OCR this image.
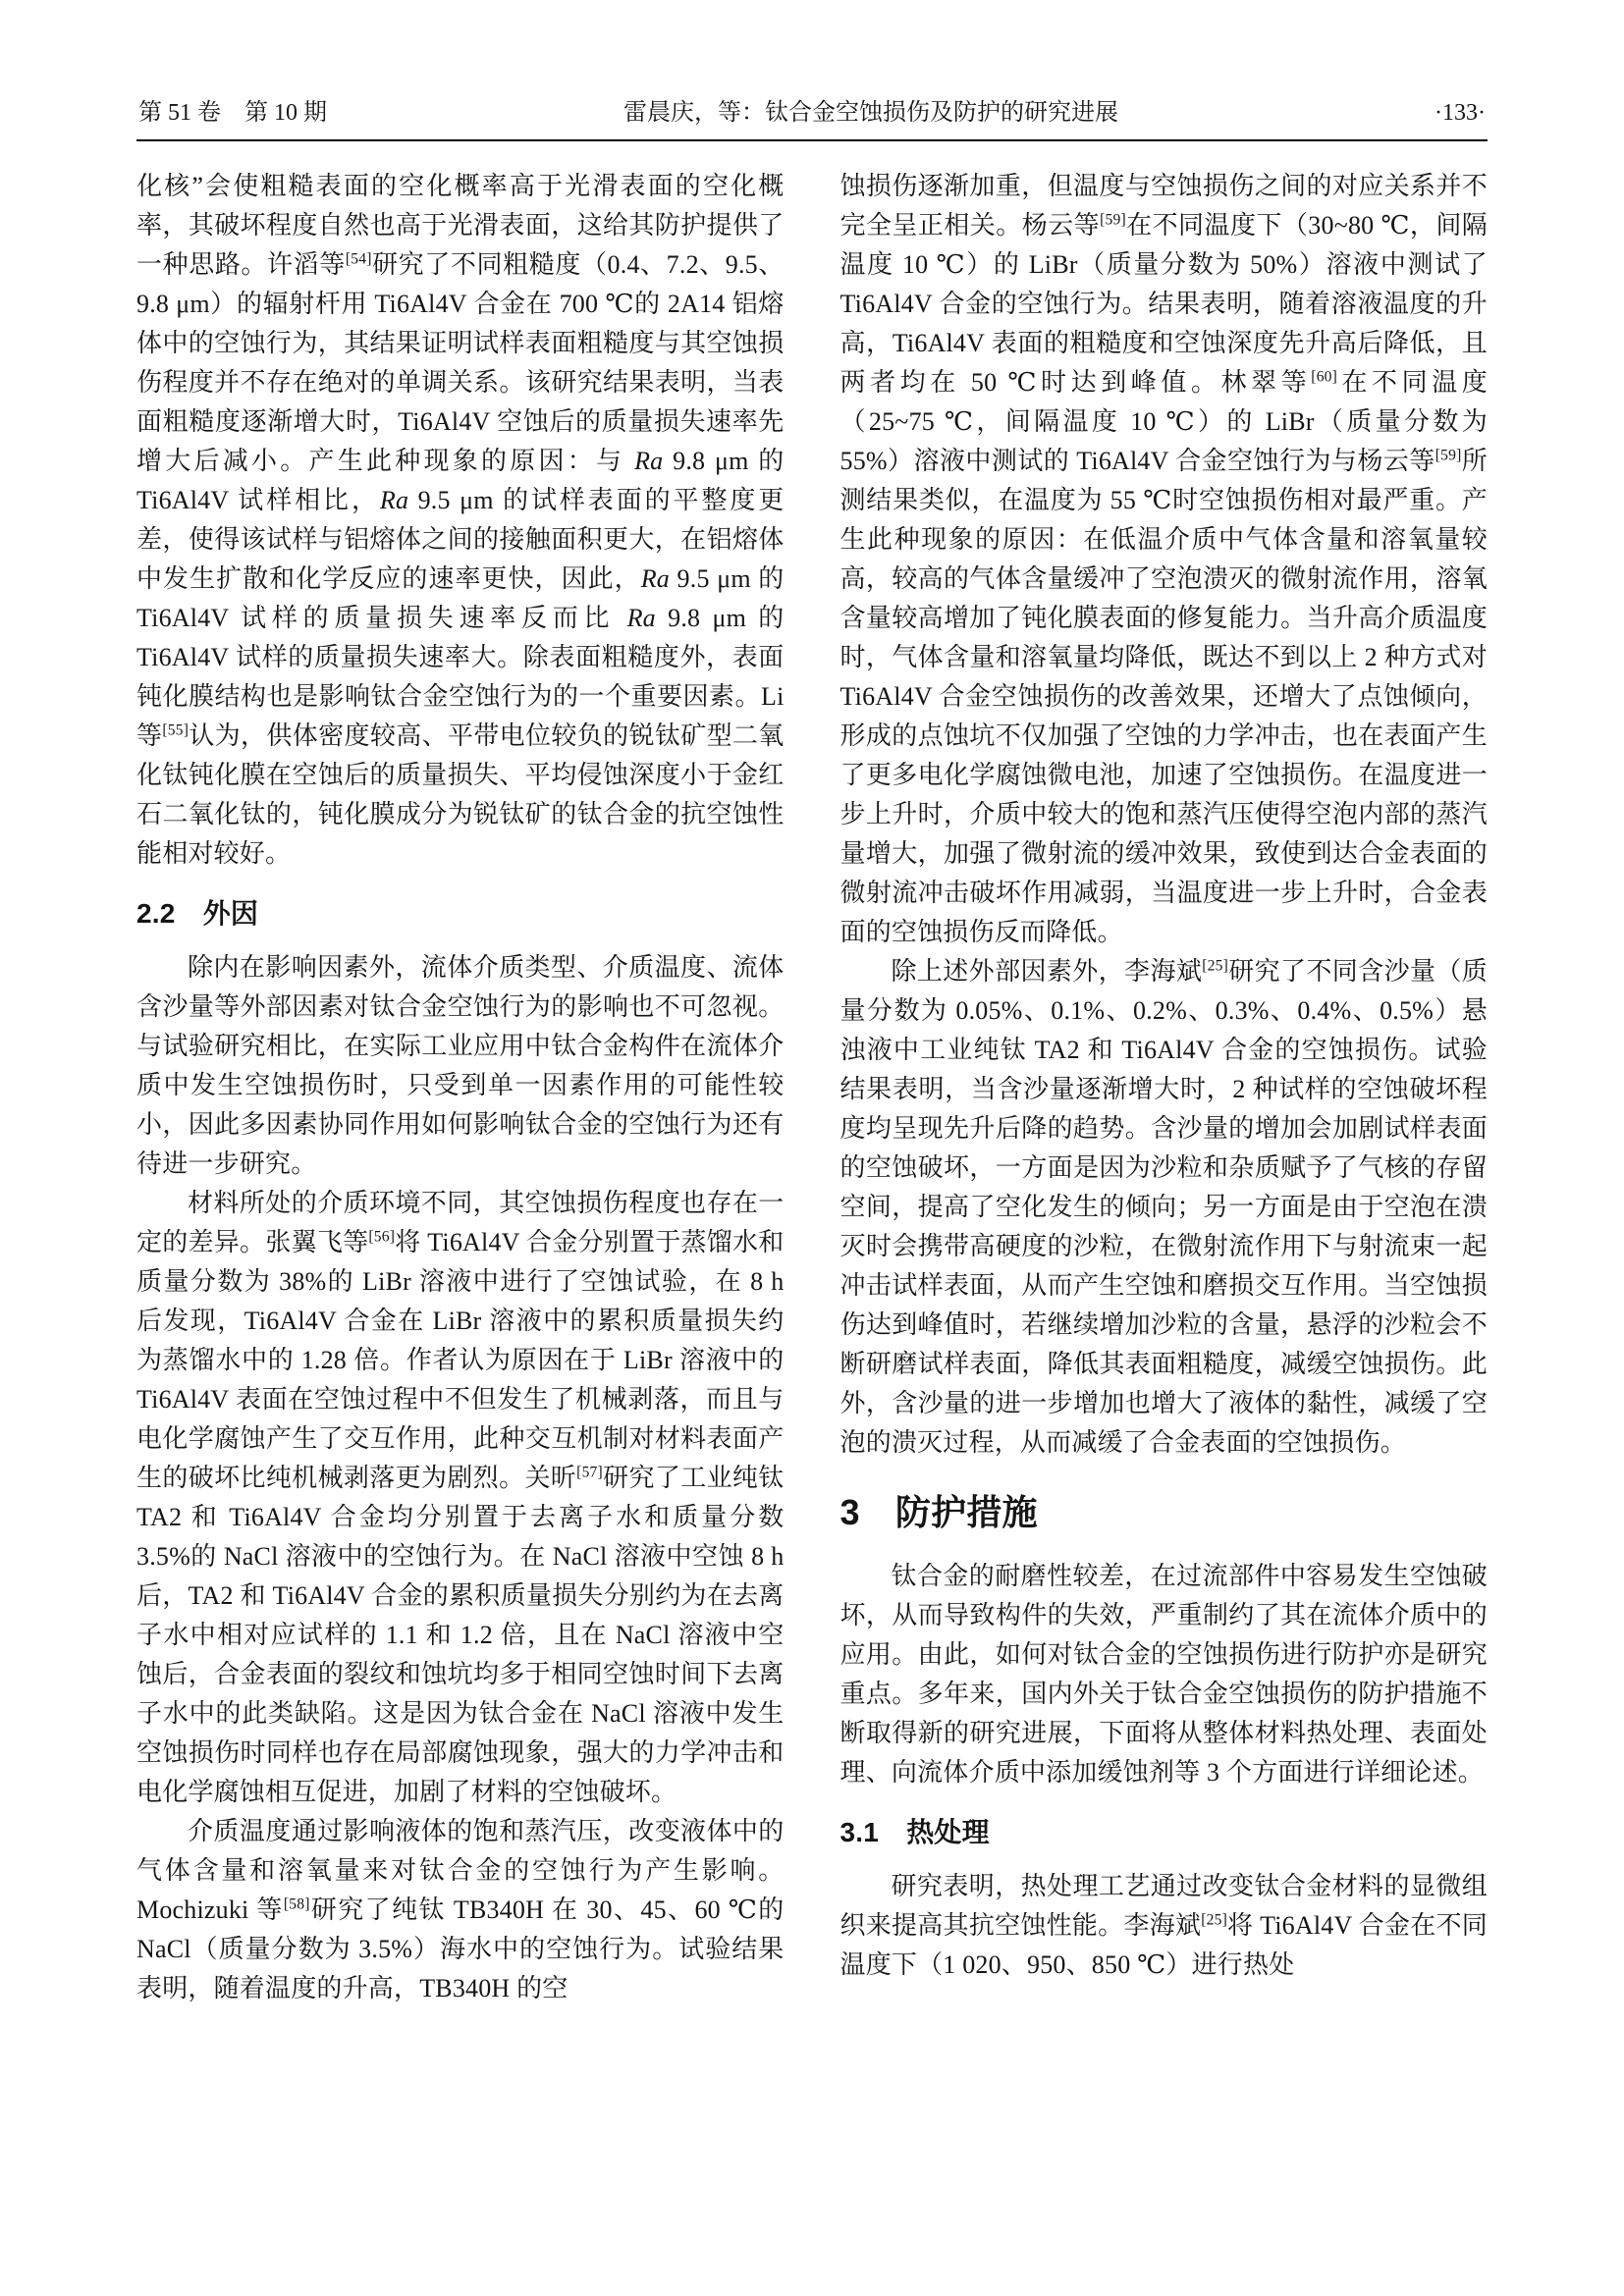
第 51 卷　第 10 期	雷晨庆，等：钛合金空蚀损伤及防护的研究进展	·133·

化核”会使粗糙表面的空化概率高于光滑表面的空化概率，其破坏程度自然也高于光滑表面，这给其防护提供了一种思路。许滔等[54]研究了不同粗糙度（0.4、7.2、9.5、9.8 μm）的辐射杆用 Ti6Al4V 合金在 700 ℃的 2A14 铝熔体中的空蚀行为，其结果证明试样表面粗糙度与其空蚀损伤程度并不存在绝对的单调关系。该研究结果表明，当表面粗糙度逐渐增大时，Ti6Al4V 空蚀后的质量损失速率先增大后减小。产生此种现象的原因：与 Ra 9.8 μm 的 Ti6Al4V 试样相比，Ra 9.5 μm 的试样表面的平整度更差，使得该试样与铝熔体之间的接触面积更大，在铝熔体中发生扩散和化学反应的速率更快，因此，Ra 9.5 μm 的 Ti6Al4V 试样的质量损失速率反而比 Ra 9.8 μm 的 Ti6Al4V 试样的质量损失速率大。除表面粗糙度外，表面钝化膜结构也是影响钛合金空蚀行为的一个重要因素。Li 等[55]认为，供体密度较高、平带电位较负的锐钛矿型二氧化钛钝化膜在空蚀后的质量损失、平均侵蚀深度小于金红石二氧化钛的，钝化膜成分为锐钛矿的钛合金的抗空蚀性能相对较好。

2.2　外因

除内在影响因素外，流体介质类型、介质温度、流体含沙量等外部因素对钛合金空蚀行为的影响也不可忽视。与试验研究相比，在实际工业应用中钛合金构件在流体介质中发生空蚀损伤时，只受到单一因素作用的可能性较小，因此多因素协同作用如何影响钛合金的空蚀行为还有待进一步研究。

材料所处的介质环境不同，其空蚀损伤程度也存在一定的差异。张翼飞等[56]将 Ti6Al4V 合金分别置于蒸馏水和质量分数为 38%的 LiBr 溶液中进行了空蚀试验，在 8 h 后发现，Ti6Al4V 合金在 LiBr 溶液中的累积质量损失约为蒸馏水中的 1.28 倍。作者认为原因在于 LiBr 溶液中的 Ti6Al4V 表面在空蚀过程中不但发生了机械剥落，而且与电化学腐蚀产生了交互作用，此种交互机制对材料表面产生的破坏比纯机械剥落更为剧烈。关昕[57]研究了工业纯钛 TA2 和 Ti6Al4V 合金均分别置于去离子水和质量分数 3.5%的 NaCl 溶液中的空蚀行为。在 NaCl 溶液中空蚀 8 h 后，TA2 和 Ti6Al4V 合金的累积质量损失分别约为在去离子水中相对应试样的 1.1 和 1.2 倍，且在 NaCl 溶液中空蚀后，合金表面的裂纹和蚀坑均多于相同空蚀时间下去离子水中的此类缺陷。这是因为钛合金在 NaCl 溶液中发生空蚀损伤时同样也存在局部腐蚀现象，强大的力学冲击和电化学腐蚀相互促进，加剧了材料的空蚀破坏。

介质温度通过影响液体的饱和蒸汽压，改变液体中的气体含量和溶氧量来对钛合金的空蚀行为产生影响。Mochizuki 等[58]研究了纯钛 TB340H 在 30、45、60 ℃的 NaCl（质量分数为 3.5%）海水中的空蚀行为。试验结果表明，随着温度的升高，TB340H 的空

蚀损伤逐渐加重，但温度与空蚀损伤之间的对应关系并不完全呈正相关。杨云等[59]在不同温度下（30~80 ℃，间隔温度 10 ℃）的 LiBr（质量分数为 50%）溶液中测试了 Ti6Al4V 合金的空蚀行为。结果表明，随着溶液温度的升高，Ti6Al4V 表面的粗糙度和空蚀深度先升高后降低，且两者均在 50 ℃时达到峰值。林翠等[60]在不同温度（25~75 ℃，间隔温度 10 ℃）的 LiBr（质量分数为 55%）溶液中测试的 Ti6Al4V 合金空蚀行为与杨云等[59]所测结果类似，在温度为 55 ℃时空蚀损伤相对最严重。产生此种现象的原因：在低温介质中气体含量和溶氧量较高，较高的气体含量缓冲了空泡溃灭的微射流作用，溶氧含量较高增加了钝化膜表面的修复能力。当升高介质温度时，气体含量和溶氧量均降低，既达不到以上 2 种方式对 Ti6Al4V 合金空蚀损伤的改善效果，还增大了点蚀倾向，形成的点蚀坑不仅加强了空蚀的力学冲击，也在表面产生了更多电化学腐蚀微电池，加速了空蚀损伤。在温度进一步上升时，介质中较大的饱和蒸汽压使得空泡内部的蒸汽量增大，加强了微射流的缓冲效果，致使到达合金表面的微射流冲击破坏作用减弱，当温度进一步上升时，合金表面的空蚀损伤反而降低。

除上述外部因素外，李海斌[25]研究了不同含沙量（质量分数为 0.05%、0.1%、0.2%、0.3%、0.4%、0.5%）悬浊液中工业纯钛 TA2 和 Ti6Al4V 合金的空蚀损伤。试验结果表明，当含沙量逐渐增大时，2 种试样的空蚀破坏程度均呈现先升后降的趋势。含沙量的增加会加剧试样表面的空蚀破坏，一方面是因为沙粒和杂质赋予了气核的存留空间，提高了空化发生的倾向；另一方面是由于空泡在溃灭时会携带高硬度的沙粒，在微射流作用下与射流束一起冲击试样表面，从而产生空蚀和磨损交互作用。当空蚀损伤达到峰值时，若继续增加沙粒的含量，悬浮的沙粒会不断研磨试样表面，降低其表面粗糙度，减缓空蚀损伤。此外，含沙量的进一步增加也增大了液体的黏性，减缓了空泡的溃灭过程，从而减缓了合金表面的空蚀损伤。

3　防护措施

钛合金的耐磨性较差，在过流部件中容易发生空蚀破坏，从而导致构件的失效，严重制约了其在流体介质中的应用。由此，如何对钛合金的空蚀损伤进行防护亦是研究重点。多年来，国内外关于钛合金空蚀损伤的防护措施不断取得新的研究进展，下面将从整体材料热处理、表面处理、向流体介质中添加缓蚀剂等 3 个方面进行详细论述。

3.1　热处理

研究表明，热处理工艺通过改变钛合金材料的显微组织来提高其抗空蚀性能。李海斌[25]将 Ti6Al4V 合金在不同温度下（1 020、950、850 ℃）进行热处
